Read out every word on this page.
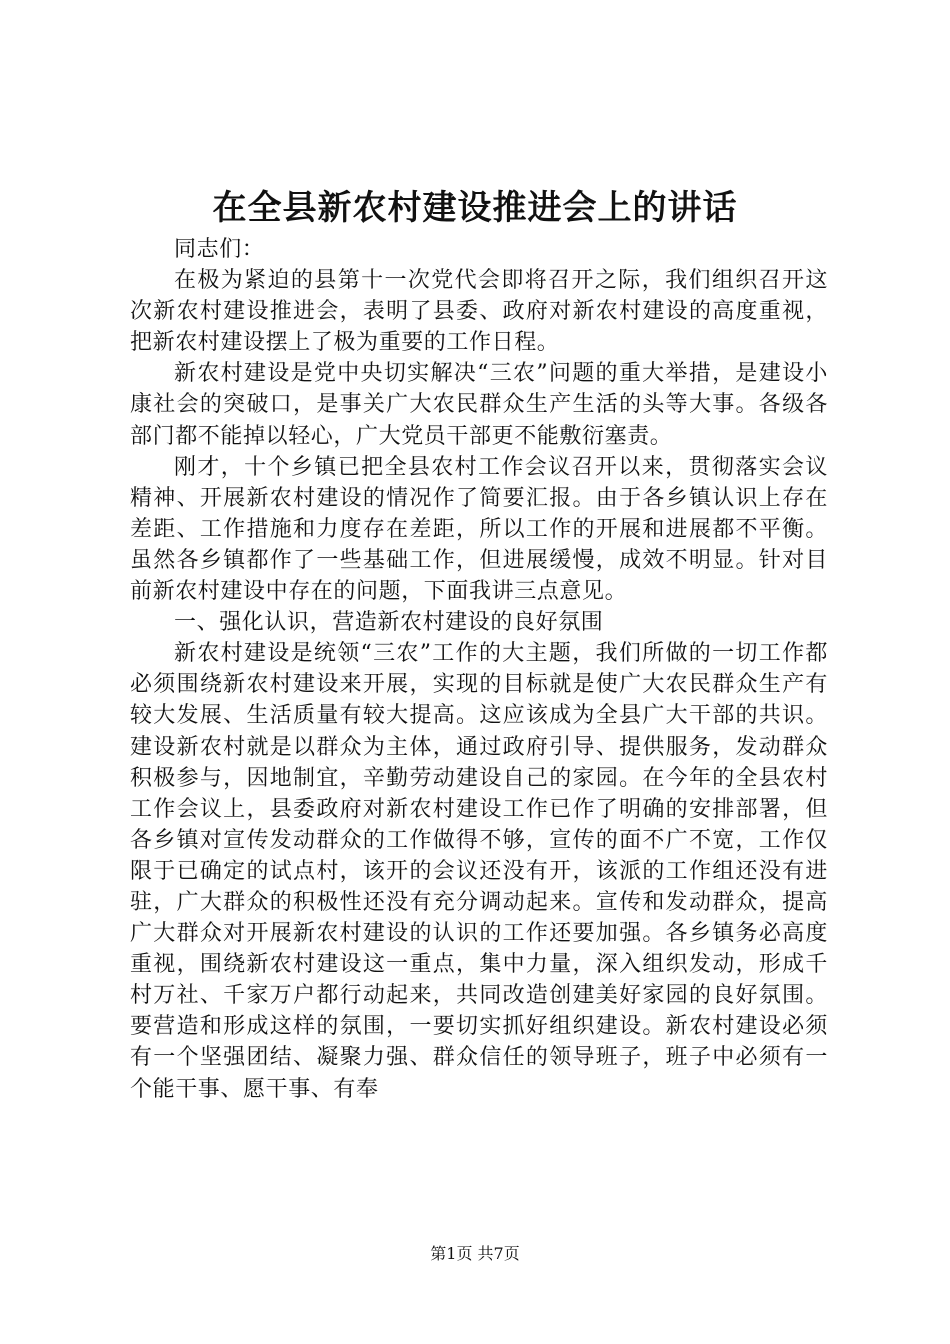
在全县新农村建设推进会上的讲话

同志们：

在极为紧迫的县第十一次党代会即将召开之际，我们组织召开这次新农村建设推进会，表明了县委、政府对新农村建设的高度重视，把新农村建设摆上了极为重要的工作日程。

新农村建设是党中央切实解决“三农”问题的重大举措，是建设小康社会的突破口，是事关广大农民群众生产生活的头等大事。各级各部门都不能掉以轻心，广大党员干部更不能敷衍塞责。

刚才，十个乡镇已把全县农村工作会议召开以来，贯彻落实会议精神、开展新农村建设的情况作了简要汇报。由于各乡镇认识上存在差距、工作措施和力度存在差距，所以工作的开展和进展都不平衡。虽然各乡镇都作了一些基础工作，但进展缓慢，成效不明显。针对目前新农村建设中存在的问题，下面我讲三点意见。

一、强化认识，营造新农村建设的良好氛围

新农村建设是统领“三农”工作的大主题，我们所做的一切工作都必须围绕新农村建设来开展，实现的目标就是使广大农民群众生产有较大发展、生活质量有较大提高。这应该成为全县广大干部的共识。建设新农村就是以群众为主体，通过政府引导、提供服务，发动群众积极参与，因地制宜，辛勤劳动建设自己的家园。在今年的全县农村工作会议上，县委政府对新农村建设工作已作了明确的安排部署，但各乡镇对宣传发动群众的工作做得不够，宣传的面不广不宽，工作仅限于已确定的试点村，该开的会议还没有开，该派的工作组还没有进驻，广大群众的积极性还没有充分调动起来。宣传和发动群众，提高广大群众对开展新农村建设的认识的工作还要加强。各乡镇务必高度重视，围绕新农村建设这一重点，集中力量，深入组织发动，形成千村万社、千家万户都行动起来，共同改造创建美好家园的良好氛围。要营造和形成这样的氛围，一要切实抓好组织建设。新农村建设必须有一个坚强团结、凝聚力强、群众信任的领导班子，班子中必须有一个能干事、愿干事、有奉

第1页 共7页
